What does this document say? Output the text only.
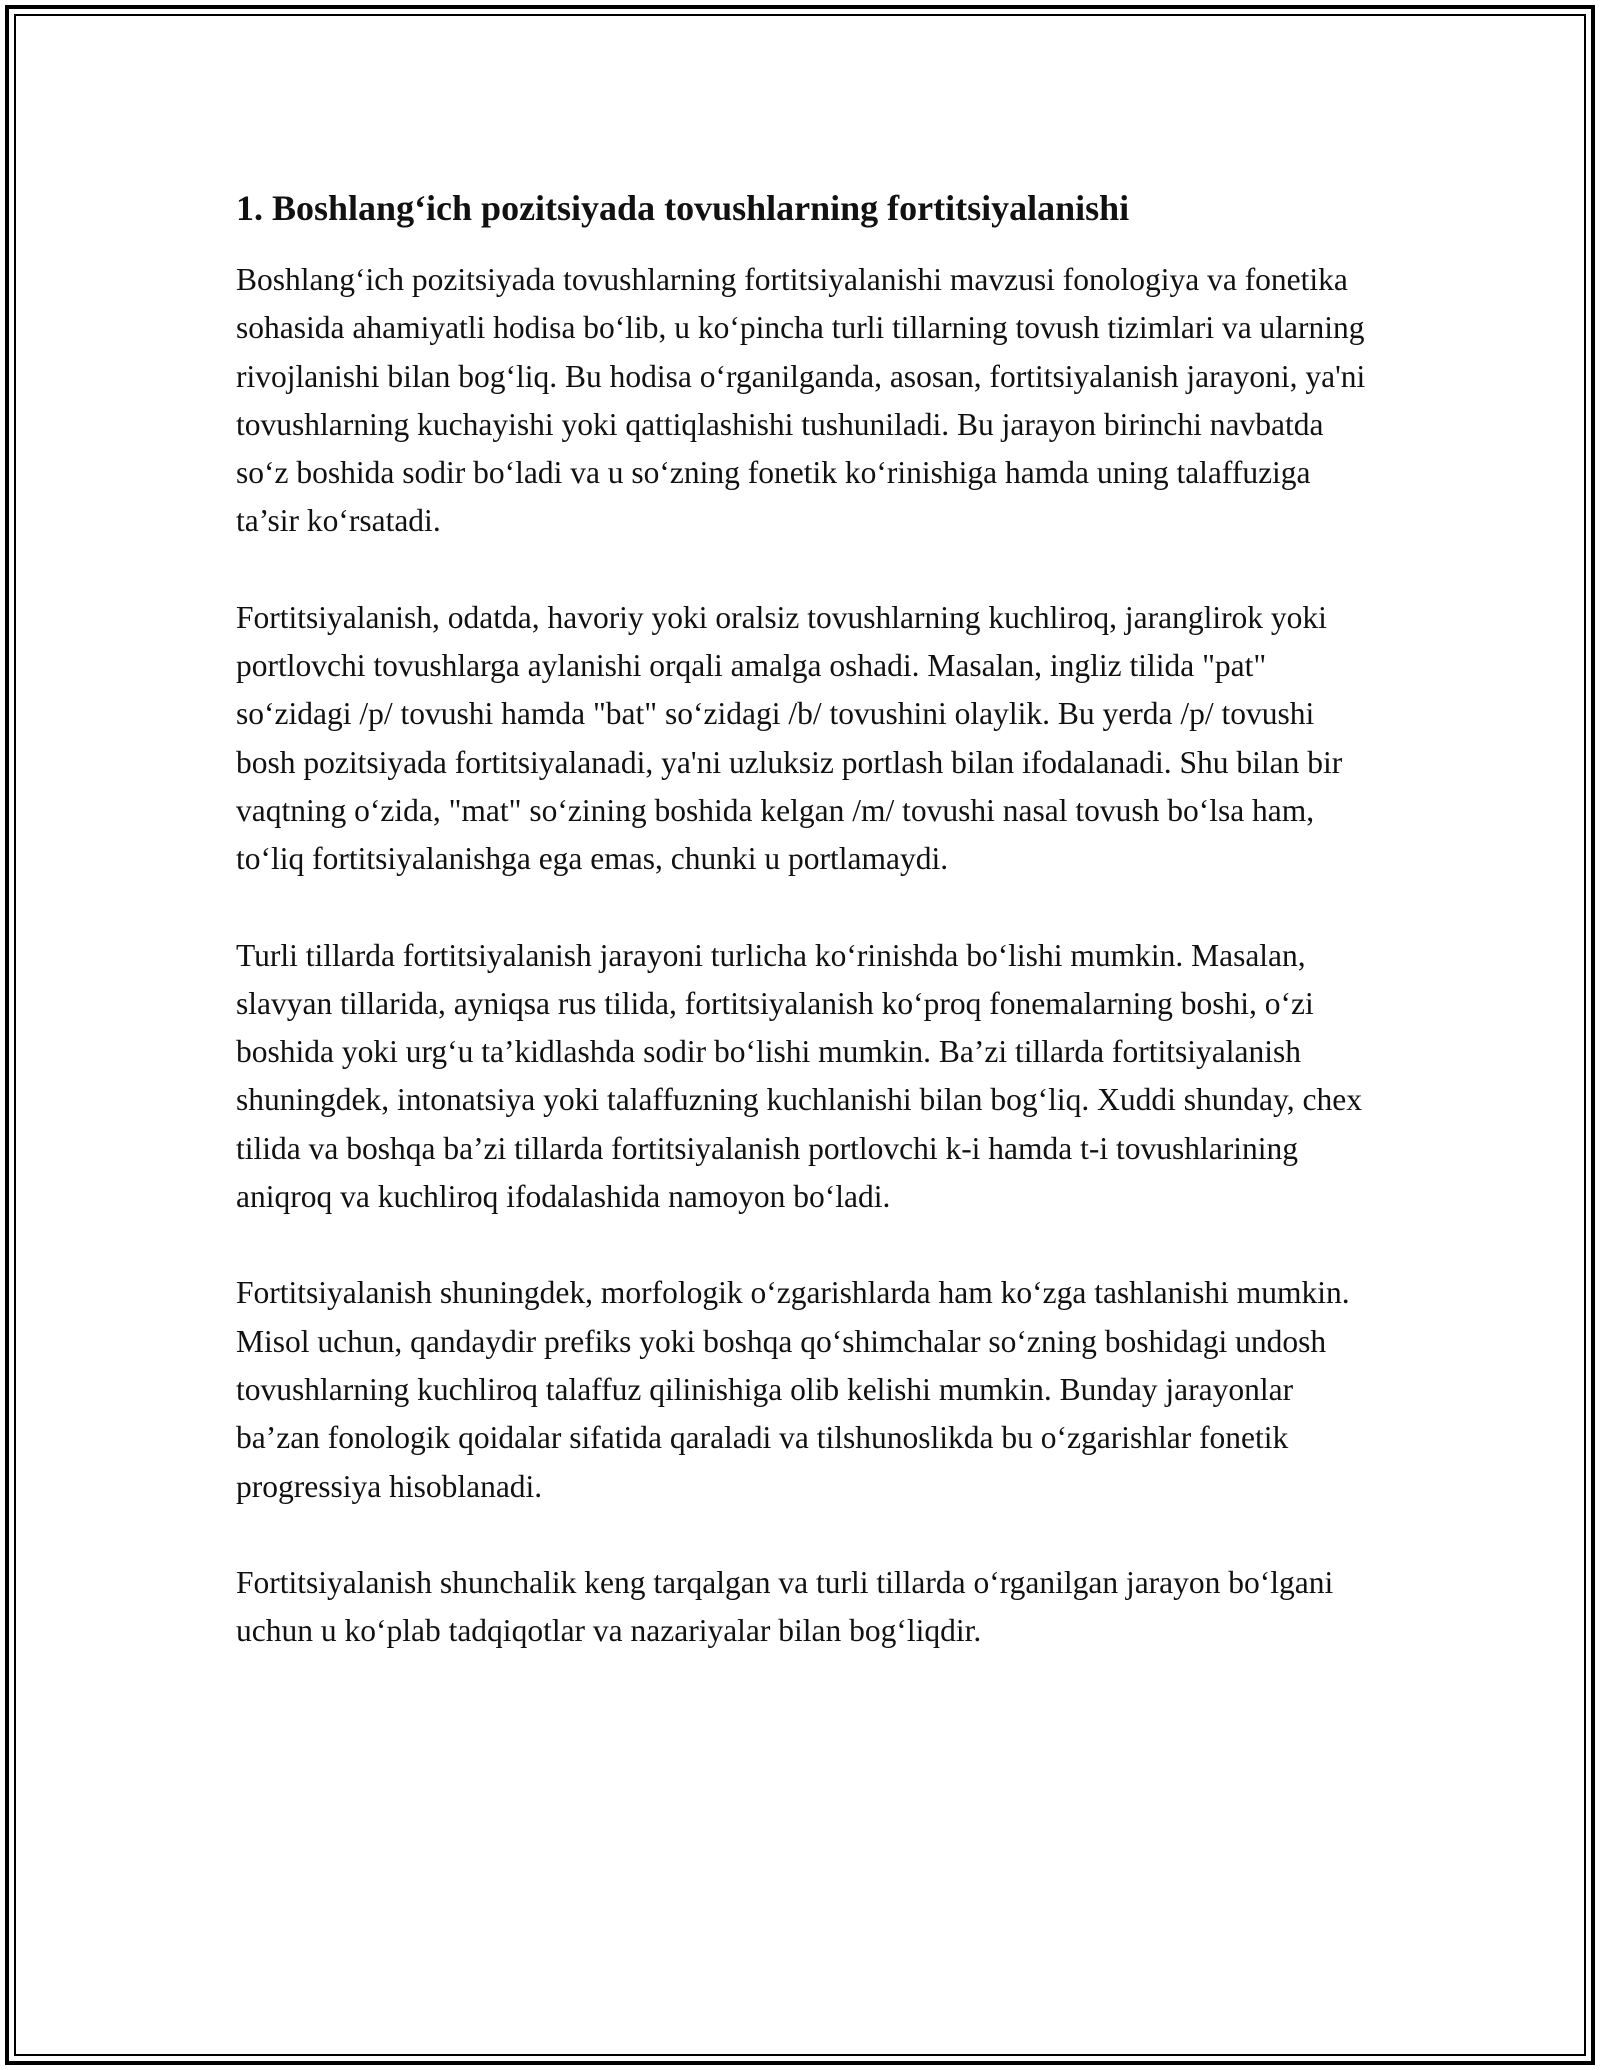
1. Boshlang‘ich pozitsiyada tovushlarning fortitsiyalanishi

Boshlang‘ich pozitsiyada tovushlarning fortitsiyalanishi mavzusi fonologiya va fonetika sohasida ahamiyatli hodisa bo‘lib, u ko‘pincha turli tillarning tovush tizimlari va ularning rivojlanishi bilan bog‘liq. Bu hodisa o‘rganilganda, asosan, fortitsiyalanish jarayoni, ya'ni tovushlarning kuchayishi yoki qattiqlashishi tushuniladi. Bu jarayon birinchi navbatda so‘z boshida sodir bo‘ladi va u so‘zning fonetik ko‘rinishiga hamda uning talaffuziga ta’sir ko‘rsatadi.

Fortitsiyalanish, odatda, havoriy yoki oralsiz tovushlarning kuchliroq, jaranglirok yoki portlovchi tovushlarga aylanishi orqali amalga oshadi. Masalan, ingliz tilida "pat" so‘zidagi /p/ tovushi hamda "bat" so‘zidagi /b/ tovushini olaylik. Bu yerda /p/ tovushi bosh pozitsiyada fortitsiyalanadi, ya'ni uzluksiz portlash bilan ifodalanadi. Shu bilan bir vaqtning o‘zida, "mat" so‘zining boshida kelgan /m/ tovushi nasal tovush bo‘lsa ham, to‘liq fortitsiyalanishga ega emas, chunki u portlamaydi.

Turli tillarda fortitsiyalanish jarayoni turlicha ko‘rinishda bo‘lishi mumkin. Masalan, slavyan tillarida, ayniqsa rus tilida, fortitsiyalanish ko‘proq fonemalarning boshi, o‘zi boshida yoki urg‘u ta’kidlashda sodir bo‘lishi mumkin. Ba’zi tillarda fortitsiyalanish shuningdek, intonatsiya yoki talaffuzning kuchlanishi bilan bog‘liq. Xuddi shunday, chex tilida va boshqa ba’zi tillarda fortitsiyalanish portlovchi k-i hamda t-i tovushlarining aniqroq va kuchliroq ifodalashida namoyon bo‘ladi.

Fortitsiyalanish shuningdek, morfologik o‘zgarishlarda ham ko‘zga tashlanishi mumkin. Misol uchun, qandaydir prefiks yoki boshqa qo‘shimchalar so‘zning boshidagi undosh tovushlarning kuchliroq talaffuz qilinishiga olib kelishi mumkin. Bunday jarayonlar ba’zan fonologik qoidalar sifatida qaraladi va tilshunoslikda bu o‘zgarishlar fonetik progressiya hisoblanadi.

Fortitsiyalanish shunchalik keng tarqalgan va turli tillarda o‘rganilgan jarayon bo‘lgani uchun u ko‘plab tadqiqotlar va nazariyalar bilan bog‘liqdir.
